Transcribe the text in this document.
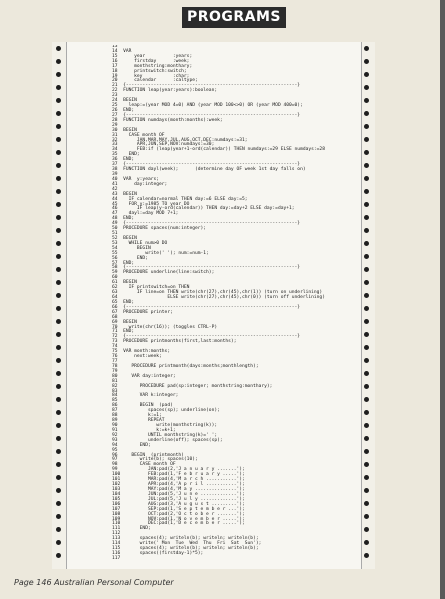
PROGRAMS
13
14  VAR
15      year          :years;
16      firstday      :week;
17      monthstring:monthary;
18      printswitch:switch;
19      key           :char;
20      calendar      :caltype;
21  {--------------------------------------------------------------}
22  FUNCTION leap(year:years):boolean;
23
24  BEGIN
25    leap:=(year MOD 4=0) AND (year MOD 100<>0) OR (year MOD 400=0);
26  END;
27  {--------------------------------------------------------------}
28  FUNCTION numdays(month:months):week;
29
30  BEGIN
31    CASE month OF
32       JAN,MAR,MAY,JUL,AUG,OCT,DEC:numdays:=31;
33       APR,JUN,SEP,NOV:numdays:=30;
34       FEB:if (leap(year+1-ord(calendar)) THEN numdays:=29 ELSE numdays:=28
35    END;
36  END;
37  {--------------------------------------------------------------}
38  FUNCTION dayl(week);      (determine day OF week 1st day falls on)
39
40  VAR  y:years;
41      day:integer;
42
43  BEGIN
44    IF calendar=normal THEN day:=6 ELSE day:=5;
45    FOR y:=1985 TO year DO
46       IF leap(y-ord(calendar)) THEN day:=day+2 ELSE day:=day+1;
47    dayl:=day MOD 7+1;
48  END;
49  {--------------------------------------------------------------}
50  PROCEDURE spaces(num:integer);
51
52  BEGIN
53    WHILE num>0 DO
54       BEGIN
55          write(' '); num:=num-1;
56       END;
57  END;
58  {--------------------------------------------------------------}
59  PROCEDURE underline(line:switch);
60
61  BEGIN
62    IF printswitch=on THEN
63       IF line=on THEN write(chr(27),chr(45),chr(1)) (turn on underlining)
64                  ELSE write(chr(27),chr(45),chr(0)) (turn off underlining)
65  END;
66  {--------------------------------------------------------------}
67  PROCEDURE printer;
68
69  BEGIN
70    write(chr(16)); (toggles CTRL-P)
71  END;
72  {--------------------------------------------------------------}
73  PROCEDURE printmonths(first,last:months);
74
75  VAR month:months;
76      next:week;
77
78     PROCEDURE printmonth(days:months;monthlength);
79
80     VAR day:integer;
81
82        PROCEDURE pad(sp:integer; monthstring:monthary);
83
84        VAR k:integer;
85
86        BEGIN  (pad)
87           spaces(sp); underline(on);
88           k:=1;
89           REPEAT
90              write(monthstring(k));
91              k:=k+1;
92           UNTIL monthstring(k)=' ';
93           underline(off); spaces(sp);
94        END;
95
96     BEGIN  (printmonth)
97        write(b); spaces(10);
98        CASE month OF
99           JAN:pad(2,'J a n u a r y .......');
100          FEB:pad(1,'F e b r u a r y .....');
101          MAR:pad(4,'M a r c h ...........');
102          APR:pad(4,'A p r i l ...........');
103          MAY:pad(4,'M a y ...............');
104          JUN:pad(5,'J u n e .............');
105          JUL:pad(5,'J u l y .............');
106          AUG:pad(3,'A u g u s t .........');
107          SEP:pad(1,'S e p t e m b e r ...');
108          OCT:pad(2,'O c t o b e r .......');
109          NOV:pad(1,'N o v e m b e r .....');
110          DEC:pad(1,'D e c e m b e r .....');
111       END;
112
113       spaces(4); writeln(b); writeln; writeln(b);
114       write(' Mon  Tue  Wed  Thu  Fri  Sat  Sun');
115       spaces(4); writeln(b); writeln; writeln(b);
116       spaces((firstday-1)*5);
117
Page 146 Australian Personal Computer
